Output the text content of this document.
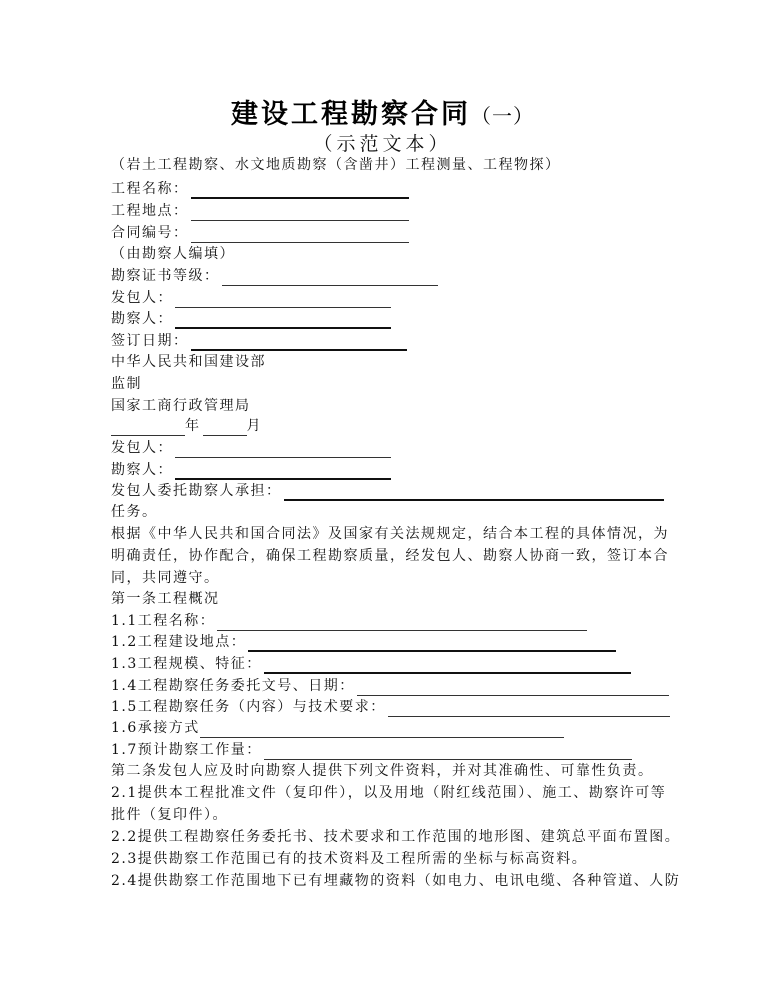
建设工程勘察合同（一）
（示范文本）
（岩土工程勘察、水文地质勘察（含凿井）工程测量、工程物探）
工程名称：
工程地点：
合同编号：
（由勘察人编填）
勘察证书等级：
发包人：
勘察人：
签订日期：
中华人民共和国建设部
监制
国家工商行政管理局
年	月
发包人：
勘察人：
发包人委托勘察人承担：
任务。
根据《中华人民共和国合同法》及国家有关法规规定，结合本工程的具体情况，为
明确责任，协作配合，确保工程勘察质量，经发包人、勘察人协商一致，签订本合
同，共同遵守。
第一条工程概况
1.1工程名称：
1.2工程建设地点：
1.3工程规模、特征：
1.4工程勘察任务委托文号、日期：
1.5工程勘察任务（内容）与技术要求：
1.6承接方式
1.7预计勘察工作量：
第二条发包人应及时向勘察人提供下列文件资料，并对其准确性、可靠性负责。
2.1提供本工程批准文件（复印件），以及用地（附红线范围）、施工、勘察许可等
批件（复印件）。
2.2提供工程勘察任务委托书、技术要求和工作范围的地形图、建筑总平面布置图。
2.3提供勘察工作范围已有的技术资料及工程所需的坐标与标高资料。
2.4提供勘察工作范围地下已有埋藏物的资料（如电力、电讯电缆、各种管道、人防
